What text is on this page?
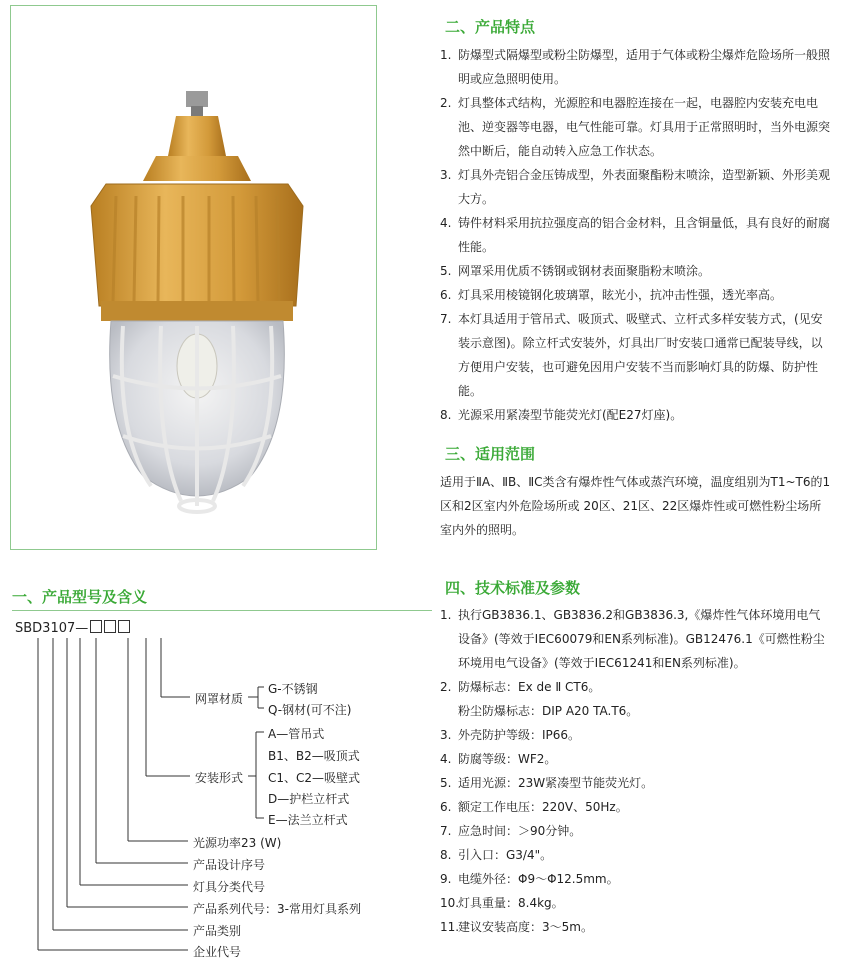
二、产品特点
1. 防爆型式隔爆型或粉尘防爆型，适用于气体或粉尘爆炸危险场所一般照明或应急照明使用。
2. 灯具整体式结构，光源腔和电器腔连接在一起，电器腔内安装充电电池、逆变器等电器，电气性能可靠。灯具用于正常照明时，当外电源突然中断后，能自动转入应急工作状态。
3. 灯具外壳铝合金压铸成型，外表面聚酯粉末喷涂，造型新颖、外形美观大方。
4. 铸件材料采用抗拉强度高的铝合金材料，且含铜量低，具有良好的耐腐性能。
5. 网罩采用优质不锈钢或钢材表面聚脂粉末喷涂。
6. 灯具采用棱镜钢化玻璃罩，眩光小，抗冲击性强，透光率高。
7. 本灯具适用于管吊式、吸顶式、吸壁式、立杆式多样安装方式，(见安装示意图)。除立杆式安装外，灯具出厂时安装口通常已配装导线，以方便用户安装，也可避免因用户安装不当而影响灯具的防爆、防护性能。
8. 光源采用紧凑型节能荧光灯(配E27灯座)。
三、适用范围
适用于ⅡA、ⅡB、ⅡC类含有爆炸性气体或蒸汽环境，温度组别为T1~T6的1区和2区室内外危险场所或 20区、21区、22区爆炸性或可燃性粉尘场所室内外的照明。
一、产品型号及含义
SBD3107—
网罩材质
G-不锈钢
Q-钢材(可不注)
安装形式
A—管吊式
B1、B2—吸顶式
C1、C2—吸壁式
D—护栏立杆式
E—法兰立杆式
光源功率23 (W)
产品设计序号
灯具分类代号
产品系列代号：3-常用灯具系列
产品类别
企业代号
四、技术标准及参数
1. 执行GB3836.1、GB3836.2和GB3836.3,《爆炸性气体环境用电气设备》(等效于IEC60079和EN系列标准)。GB12476.1《可燃性粉尘环境用电气设备》(等效于IEC61241和EN系列标准)。
2. 防爆标志：Ex de Ⅱ CT6。
粉尘防爆标志：DIP A20 TA.T6。
3. 外壳防护等级：IP66。
4. 防腐等级：WF2。
5. 适用光源：23W紧凑型节能荧光灯。
6. 额定工作电压：220V、50Hz。
7. 应急时间：＞90分钟。
8. 引入口：G3/4"。
9. 电缆外径：Φ9～Φ12.5mm。
10.
灯具重量：8.4kg。
11.
建议安装高度：3～5m。
